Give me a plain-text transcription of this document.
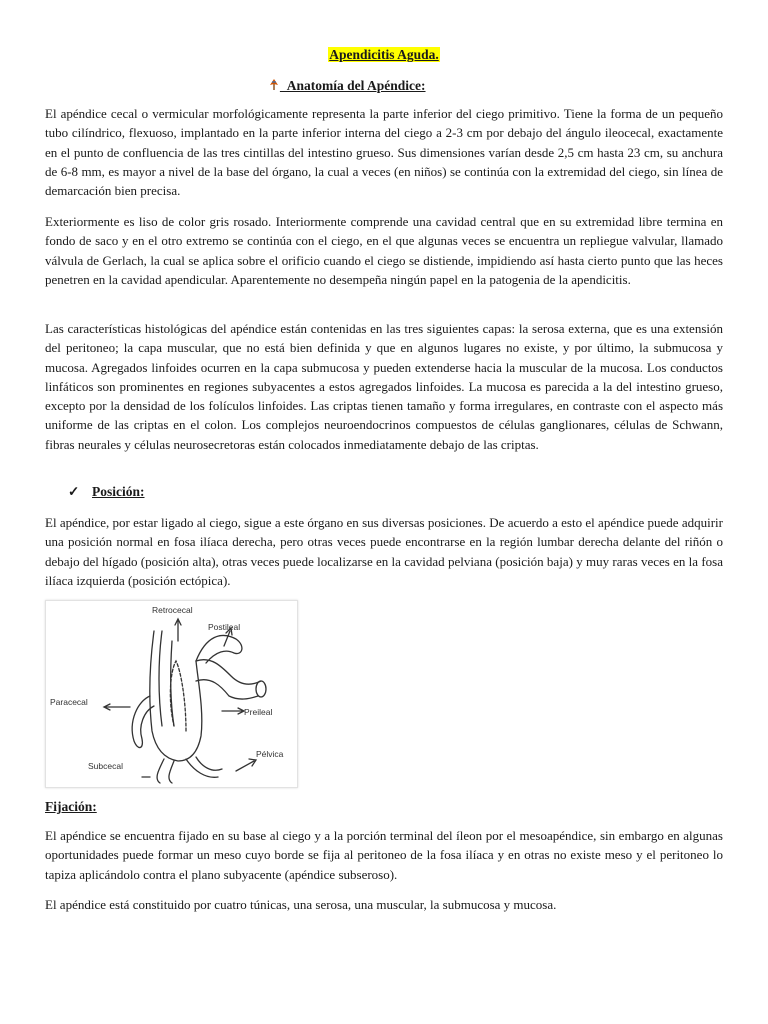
Apendicitis Aguda.
_Anatomía del Apéndice:

El apéndice cecal o vermicular morfológicamente representa la parte inferior del ciego primitivo. Tiene la forma de un pequeño tubo cilíndrico, flexuoso, implantado en la parte inferior interna del ciego a 2-3 cm por debajo del ángulo ileocecal, exactamente en el punto de confluencia de las tres cintillas del intestino grueso. Sus dimensiones varían desde 2,5 cm hasta 23 cm, su anchura de 6-8 mm, es mayor a nivel de la base del órgano, la cual a veces (en niños) se continúa con la extremidad del ciego, sin línea de demarcación bien precisa.

Exteriormente es liso de color gris rosado. Interiormente comprende una cavidad central que en su extremidad libre termina en fondo de saco y en el otro extremo se continúa con el ciego, en el que algunas veces se encuentra un repliegue valvular, llamado válvula de Gerlach, la cual se aplica sobre el orificio cuando el ciego se distiende, impidiendo así hasta cierto punto que las heces penetren en la cavidad apendicular. Aparentemente no desempeña ningún papel en la patogenia de la apendicitis.

Las características histológicas del apéndice están contenidas en las tres siguientes capas: la serosa externa, que es una extensión del peritoneo; la capa muscular, que no está bien definida y que en algunos lugares no existe, y por último, la submucosa y mucosa. Agregados linfoides ocurren en la capa submucosa y pueden extenderse hacia la muscular de la mucosa. Los conductos linfáticos son prominentes en regiones subyacentes a estos agregados linfoides. La mucosa es parecida a la del intestino grueso, excepto por la densidad de los folículos linfoides. Las criptas tienen tamaño y forma irregulares, en contraste con el aspecto más uniforme de las criptas en el colon. Los complejos neuroendocrinos compuestos de células ganglionares, células de Schwann, fibras neurales y células neurosecretoras están colocados inmediatamente debajo de las criptas.

✓ Posición:

El apéndice, por estar ligado al ciego, sigue a este órgano en sus diversas posiciones. De acuerdo a esto el apéndice puede adquirir una posición normal en fosa ilíaca derecha, pero otras veces puede encontrarse en la región lumbar derecha delante del riñón o debajo del hígado (posición alta), otras veces puede localizarse en la cavidad pelviana (posición baja) y muy raras veces en la fosa ilíaca izquierda (posición ectópica).

Retrocecal
Postileal
Paracecal
Preileal
Pélvica
Subcecal
Fijación:

El apéndice se encuentra fijado en su base al ciego y a la porción terminal del íleon por el mesoapéndice, sin embargo en algunas oportunidades puede formar un meso cuyo borde se fija al peritoneo de la fosa ilíaca y en otras no existe meso y el peritoneo lo tapiza aplicándolo contra el plano subyacente (apéndice subseroso).

El apéndice está constituido por cuatro túnicas, una serosa, una muscular, la submucosa y mucosa.
